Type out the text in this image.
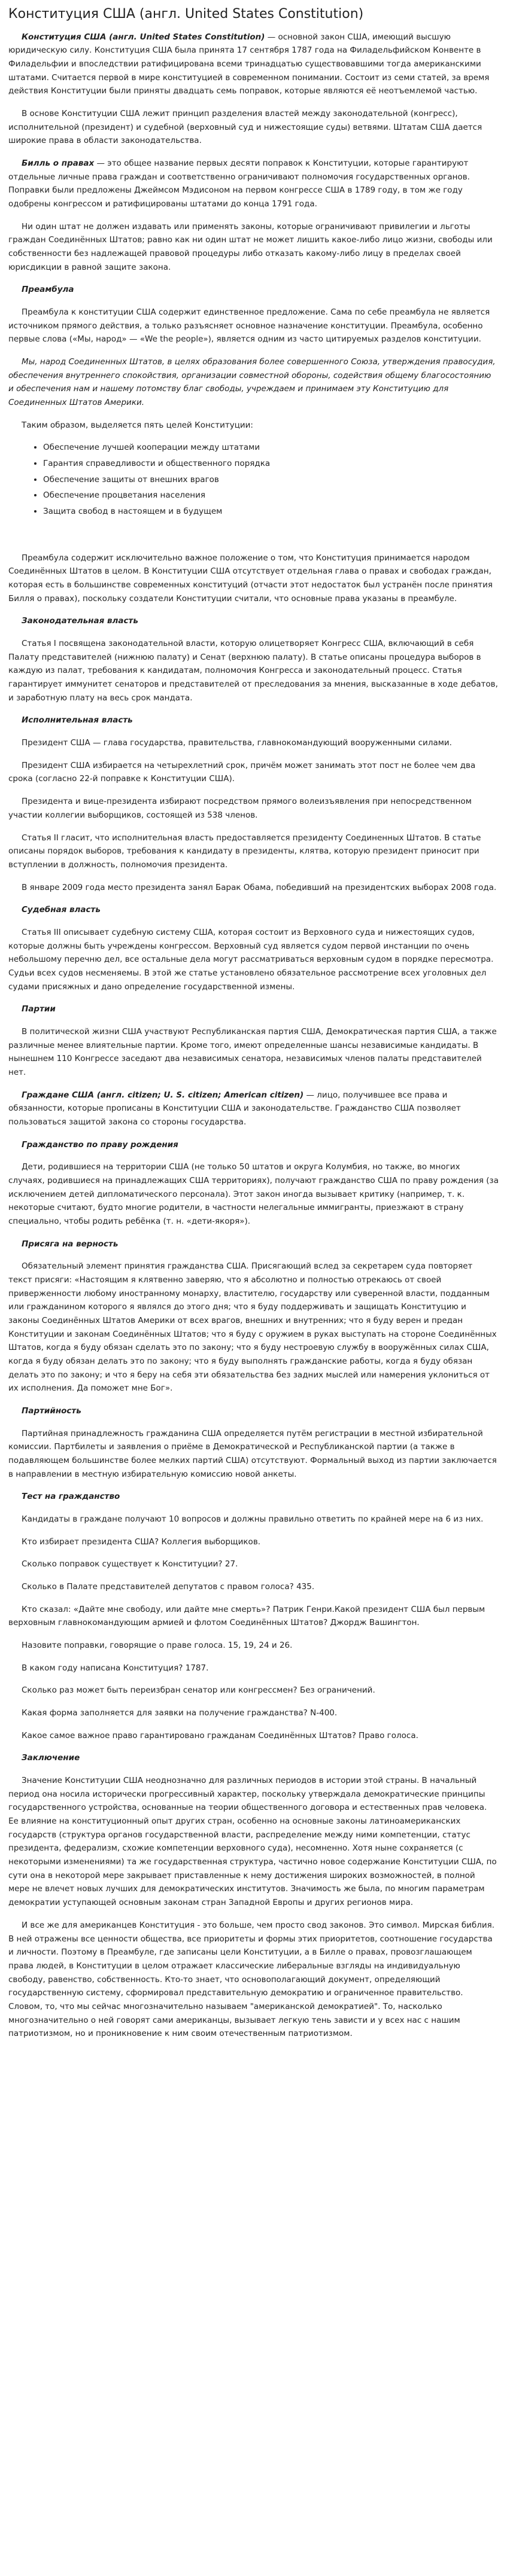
Конституция США (англ. United States Constitution)

Конституция США (англ. United States Constitution) — основной закон США, имеющий высшую юридическую силу. Конституция США была принята 17 сентября 1787 года на Филадельфийском Конвенте в Филадельфии и впоследствии ратифицирована всеми тринадцатью существовавшими тогда американскими штатами. Считается первой в мире конституцией в современном понимании. Состоит из семи статей, за время действия Конституции были приняты двадцать семь поправок, которые являются её неотъемлемой частью.

В основе Конституции США лежит принцип разделения властей между законодательной (конгресс), исполнительной (президент) и судебной (верховный суд и нижестоящие суды) ветвями. Штатам США дается широкие права в области законодательства.

Билль о правах — это общее название первых десяти поправок к Конституции, которые гарантируют отдельные личные права граждан и соответственно ограничивают полномочия государственных органов. Поправки были предложены Джеймсом Мэдисоном на первом конгрессе США в 1789 году, в том же году одобрены конгрессом и ратифицированы штатами до конца 1791 года.

Ни один штат не должен издавать или применять законы, которые ограничивают привилегии и льготы граждан Соединённых Штатов; равно как ни один штат не может лишить какое-либо лицо жизни, свободы или собственности без надлежащей правовой процедуры либо отказать какому-либо лицу в пределах своей юрисдикции в равной защите закона.

Преамбула

Преамбула к конституции США содержит единственное предложение. Сама по себе преамбула не является источником прямого действия, а только разъясняет основное назначение конституции. Преамбула, особенно первые слова («Мы, народ» — «We the people»), является одним из часто цитируемых разделов конституции.

Мы, народ Соединенных Штатов, в целях образования более совершенного Союза, утверждения правосудия, обеспечения внутреннего спокойствия, организации совместной обороны, содействия общему благосостоянию и обеспечения нам и нашему потомству благ свободы, учреждаем и принимаем эту Конституцию для Соединенных Штатов Америки.

Таким образом, выделяется пять целей Конституции:

• Обеспечение лучшей кооперации между штатами
• Гарантия справедливости и общественного порядка
• Обеспечение защиты от внешних врагов
• Обеспечение процветания населения
• Защита свобод в настоящем и в будущем

Преамбула содержит исключительно важное положение о том, что Конституция принимается народом Соединённых Штатов в целом. В Конституции США отсутствует отдельная глава о правах и свободах граждан, которая есть в большинстве современных конституций (отчасти этот недостаток был устранён после принятия Билля о правах), поскольку создатели Конституции считали, что основные права указаны в преамбуле.

Законодательная власть

Статья I посвящена законодательной власти, которую олицетворяет Конгресс США, включающий в себя Палату представителей (нижнюю палату) и Сенат (верхнюю палату). В статье описаны процедура выборов в каждую из палат, требования к кандидатам, полномочия Конгресса и законодательный процесс. Статья гарантирует иммунитет сенаторов и представителей от преследования за мнения, высказанные в ходе дебатов, и заработную плату на весь срок мандата.

Исполнительная власть

Президент США — глава государства, правительства, главнокомандующий вооруженными силами.

Президент США избирается на четырехлетний срок, причём может занимать этот пост не более чем два срока (согласно 22-й поправке к Конституции США).

Президента и вице-президента избирают посредством прямого волеизъявления при непосредственном участии коллегии выборщиков, состоящей из 538 членов.

Статья II гласит, что исполнительная власть предоставляется президенту Соединенных Штатов. В статье описаны порядок выборов, требования к кандидату в президенты, клятва, которую президент приносит при вступлении в должность, полномочия президента.

В январе 2009 года место президента занял Барак Обама, победивший на президентских выборах 2008 года.

Судебная власть

Статья III описывает судебную систему США, которая состоит из Верховного суда и нижестоящих судов, которые должны быть учреждены конгрессом. Верховный суд является судом первой инстанции по очень небольшому перечню дел, все остальные дела могут рассматриваться верховным судом в порядке пересмотра. Судьи всех судов несменяемы. В этой же статье установлено обязательное рассмотрение всех уголовных дел судами присяжных и дано определение государственной измены.

Партии

В политической жизни США участвуют Республиканская партия США, Демократическая партия США, а также различные менее влиятельные партии. Кроме того, имеют определенные шансы независимые кандидаты. В нынешнем 110 Конгрессе заседают два независимых сенатора, независимых членов палаты представителей нет.

Граждане США (англ. citizen; U. S. citizen; American citizen) — лицо, получившее все права и обязанности, которые прописаны в Конституции США и законодательстве. Гражданство США позволяет пользоваться защитой закона со стороны государства.

Гражданство по праву рождения

Дети, родившиеся на территории США (не только 50 штатов и округа Колумбия, но также, во многих случаях, родившиеся на принадлежащих США территориях), получают гражданство США по праву рождения (за исключением детей дипломатического персонала). Этот закон иногда вызывает критику (например, т. к. некоторые считают, будто многие родители, в частности нелегальные иммигранты, приезжают в страну специально, чтобы родить ребёнка (т. н. «дети-якоря»).

Присяга на верность

Обязательный элемент принятия гражданства США. Присягающий вслед за секретарем суда повторяет текст присяги: «Настоящим я клятвенно заверяю, что я абсолютно и полностью отрекаюсь от своей приверженности любому иностранному монарху, властителю, государству или суверенной власти, подданным или гражданином которого я являлся до этого дня; что я буду поддерживать и защищать Конституцию и законы Соединённых Штатов Америки от всех врагов, внешних и внутренних; что я буду верен и предан Конституции и законам Соединённых Штатов; что я буду с оружием в руках выступать на стороне Соединённых Штатов, когда я буду обязан сделать это по закону; что я буду нестроевую службу в вооружённых силах США, когда я буду обязан делать это по закону; что я буду выполнять гражданские работы, когда я буду обязан делать это по закону; и что я беру на себя эти обязательства без задних мыслей или намерения уклониться от их исполнения. Да поможет мне Бог».

Партийность

Партийная принадлежность гражданина США определяется путём регистрации в местной избирательной комиссии. Партбилеты и заявления о приёме в Демократической и Республиканской партии (а также в подавляющем большинстве более мелких партий США) отсутствуют. Формальный выход из партии заключается в направлении в местную избирательную комиссию новой анкеты.

Тест на гражданство

Кандидаты в граждане получают 10 вопросов и должны правильно ответить по крайней мере на 6 из них.

Кто избирает президента США? Коллегия выборщиков.

Сколько поправок существует к Конституции? 27.

Сколько в Палате представителей депутатов с правом голоса? 435.

Кто сказал: «Дайте мне свободу, или дайте мне смерть»? Патрик Генри.Какой президент США был первым верховным главнокомандующим армией и флотом Соединённых Штатов? Джордж Вашингтон.

Назовите поправки, говорящие о праве голоса. 15, 19, 24 и 26.

В каком году написана Конституция? 1787.

Сколько раз может быть переизбран сенатор или конгрессмен? Без ограничений.

Какая форма заполняется для заявки на получение гражданства? N-400.

Какое самое важное право гарантировано гражданам Соединённых Штатов? Право голоса.

Заключение

Значение Конституции США неоднозначно для различных периодов в истории этой страны. В начальный период она носила исторически прогрессивный характер, поскольку утверждала демократические принципы государственного устройства, основанные на теории общественного договора и естественных прав человека. Ее влияние на конституционный опыт других стран, особенно на основные законы латиноамериканских государств (структура органов государственной власти, распределение между ними компетенции, статус президента, федерализм, схожие компетенции верховного суда), несомненно. Хотя ныне сохраняется (с некоторыми изменениями) та же государственная структура, частично новое содержание Конституции США, по сути она в некоторой мере закрывает приставленные к нему достижения широких возможностей, в полной мере не влечет новых лучших для демократических институтов. Значимость же была, по многим параметрам демократии уступающей основным законам стран Западной Европы и других регионов мира.

И все же для американцев Конституция - это больше, чем просто свод законов. Это символ. Мирская библия. В ней отражены все ценности общества, все приоритеты и формы этих приоритетов, соотношение государства и личности. Поэтому в Преамбуле, где записаны цели Конституции, а в Билле о правах, провозглашающем права людей, в Конституции в целом отражает классические либеральные взгляды на индивидуальную свободу, равенство, собственность. Кто-то знает, что основополагающий документ, определяющий государственную систему, сформировал представительную демократию и ограниченное правительство. Словом, то, что мы сейчас многозначительно называем "американской демократией". То, насколько многозначительно о ней говорят сами американцы, вызывает легкую тень зависти и у всех нас с нашим патриотизмом, но и проникновение к ним своим отечественным патриотизмом.
